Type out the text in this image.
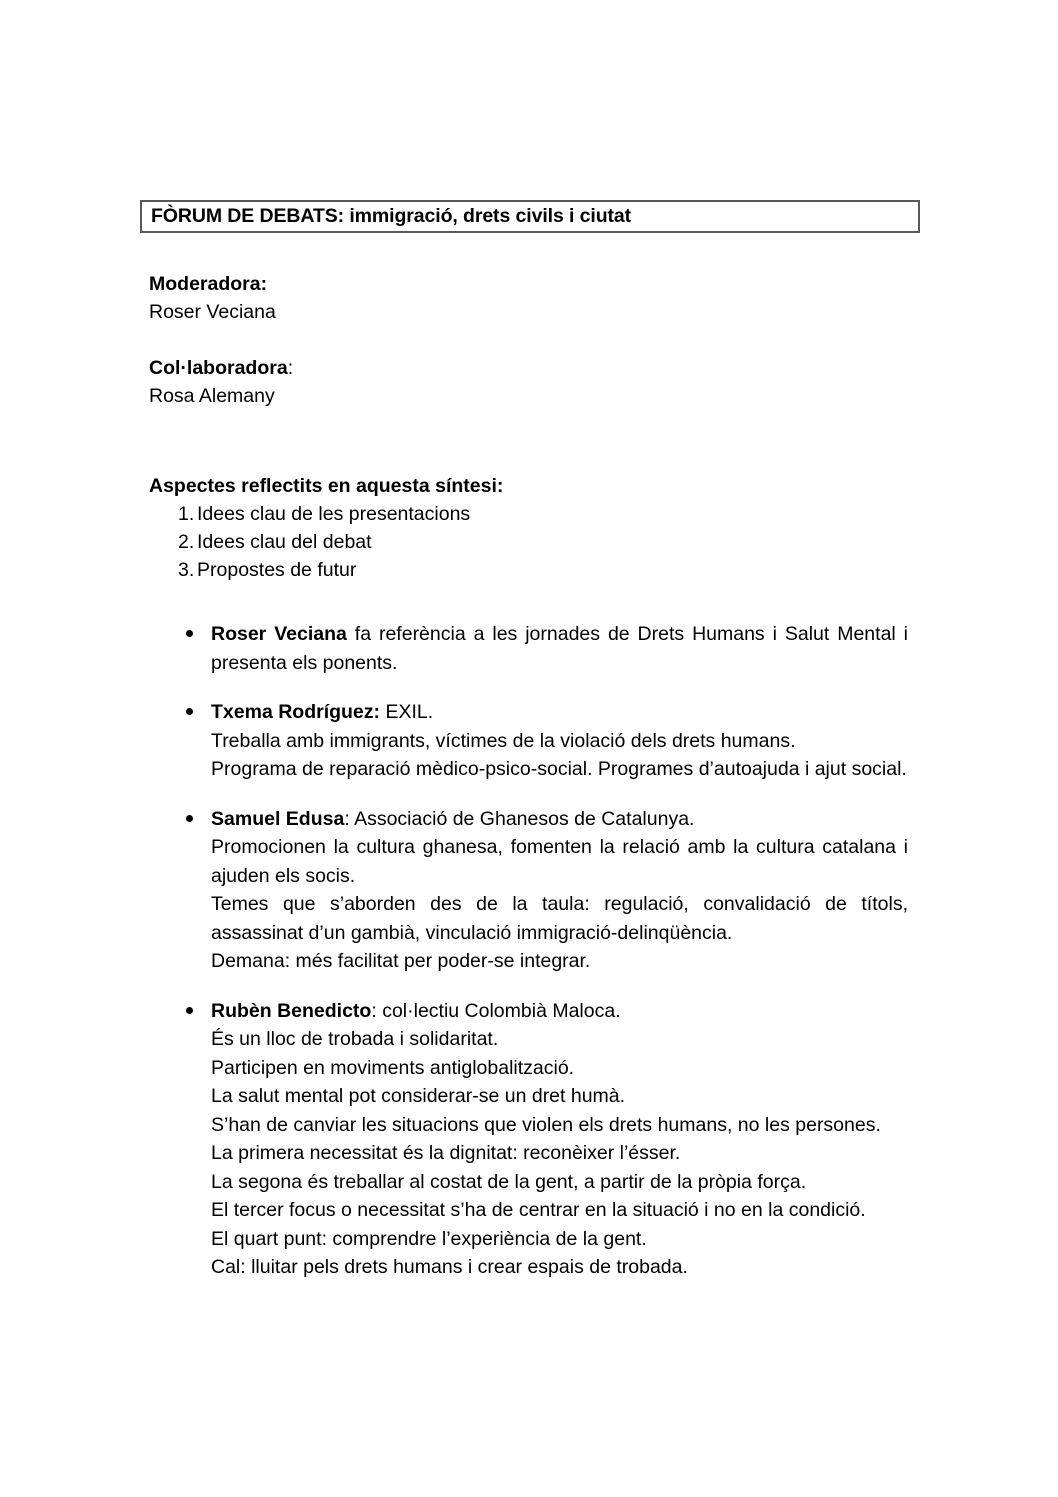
FÒRUM DE DEBATS: immigració, drets civils i ciutat
Moderadora:
Roser Veciana
Col·laboradora:
Rosa Alemany
Aspectes reflectits en aquesta síntesi:
1. Idees clau de les presentacions
2. Idees clau del debat
3. Propostes de futur

Roser Veciana fa referència a les jornades de Drets Humans i Salut Mental i presenta els ponents.

Txema Rodríguez: EXIL.

Treballa amb immigrants, víctimes de la violació dels drets humans.

Programa de reparació mèdico-psico-social. Programes d’autoajuda i ajut social.

Samuel Edusa: Associació de Ghanesos de Catalunya.

Promocionen la cultura ghanesa, fomenten la relació amb la cultura catalana i ajuden els socis.

Temes que s’aborden des de la taula: regulació, convalidació de títols, assassinat d’un gambià, vinculació immigració-delinqüència.

Demana: més facilitat per poder-se integrar.

Rubèn Benedicto: col·lectiu Colombià Maloca.

És un lloc de trobada i solidaritat.

Participen en moviments antiglobalització.

La salut mental pot considerar-se un dret humà.

S’han de canviar les situacions que violen els drets humans, no les persones.

La primera necessitat és la dignitat: reconèixer l’ésser.

La segona és treballar al costat de la gent, a partir de la pròpia força.

El tercer focus o necessitat s’ha de centrar en la situació i no en la condició.

El quart punt: comprendre l’experiència de la gent.

Cal: lluitar pels drets humans i crear espais de trobada.
